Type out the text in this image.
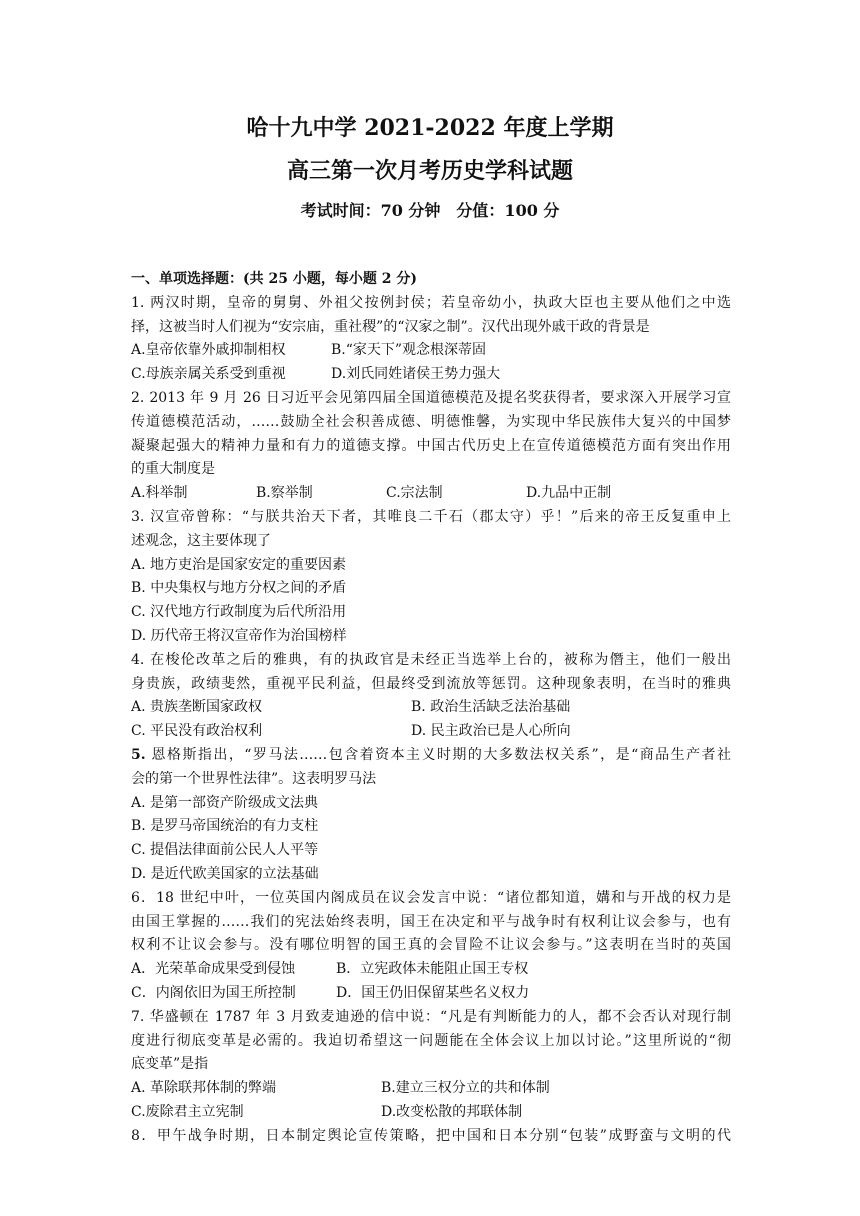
哈十九中学 2021-2022 年度上学期
高三第一次月考历史学科试题
考试时间：70 分钟　分值：100 分
一、单项选择题：(共 25 小题，每小题 2 分)
1. 两汉时期，皇帝的舅舅、外祖父按例封侯；若皇帝幼小，执政大臣也主要从他们之中选
择，这被当时人们视为“安宗庙，重社稷”的“汉家之制”。汉代出现外戚干政的背景是
A.皇帝依靠外戚抑制相权	B.“家天下”观念根深蒂固
C.母族亲属关系受到重视	D.刘氏同姓诸侯王势力强大
2. 2013 年 9 月 26 日习近平会见第四届全国道德模范及提名奖获得者，要求深入开展学习宣
传道德模范活动，……鼓励全社会积善成德、明德惟馨，为实现中华民族伟大复兴的中国梦
凝聚起强大的精神力量和有力的道德支撑。中国古代历史上在宣传道德模范方面有突出作用
的重大制度是
A.科举制	B.察举制	C.宗法制	D.九品中正制
3. 汉宣帝曾称：“与朕共治天下者，其唯良二千石（郡太守）乎！”后来的帝王反复重申上
述观念，这主要体现了
A. 地方吏治是国家安定的重要因素
B. 中央集权与地方分权之间的矛盾
C. 汉代地方行政制度为后代所沿用
D. 历代帝王将汉宣帝作为治国榜样
4. 在梭伦改革之后的雅典，有的执政官是未经正当选举上台的，被称为僭主，他们一般出
身贵族，政绩斐然，重视平民利益，但最终受到流放等惩罚。这种现象表明，在当时的雅典
A. 贵族垄断国家政权	B. 政治生活缺乏法治基础
C. 平民没有政治权利	D. 民主政治已是人心所向
5. 恩格斯指出，“罗马法……包含着资本主义时期的大多数法权关系”，是“商品生产者社
会的第一个世界性法律”。这表明罗马法
A. 是第一部资产阶级成文法典
B. 是罗马帝国统治的有力支柱
C. 提倡法律面前公民人人平等
D. 是近代欧美国家的立法基础
6．18 世纪中叶，一位英国内阁成员在议会发言中说：“诸位都知道，媾和与开战的权力是
由国王掌握的……我们的宪法始终表明，国王在决定和平与战争时有权利让议会参与，也有
权利不让议会参与。没有哪位明智的国王真的会冒险不让议会参与。”这表明在当时的英国
A．光荣革命成果受到侵蚀	B．立宪政体未能阻止国王专权
C．内阁依旧为国王所控制	D．国王仍旧保留某些名义权力
7. 华盛顿在 1787 年 3 月致麦迪逊的信中说：“凡是有判断能力的人，都不会否认对现行制
度进行彻底变革是必需的。我迫切希望这一问题能在全体会议上加以讨论。”这里所说的“彻
底变革”是指
A. 革除联邦体制的弊端	B.建立三权分立的共和体制
C.废除君主立宪制	D.改变松散的邦联体制
8．甲午战争时期，日本制定舆论宣传策略，把中国和日本分别“包装”成野蛮与文明的代
